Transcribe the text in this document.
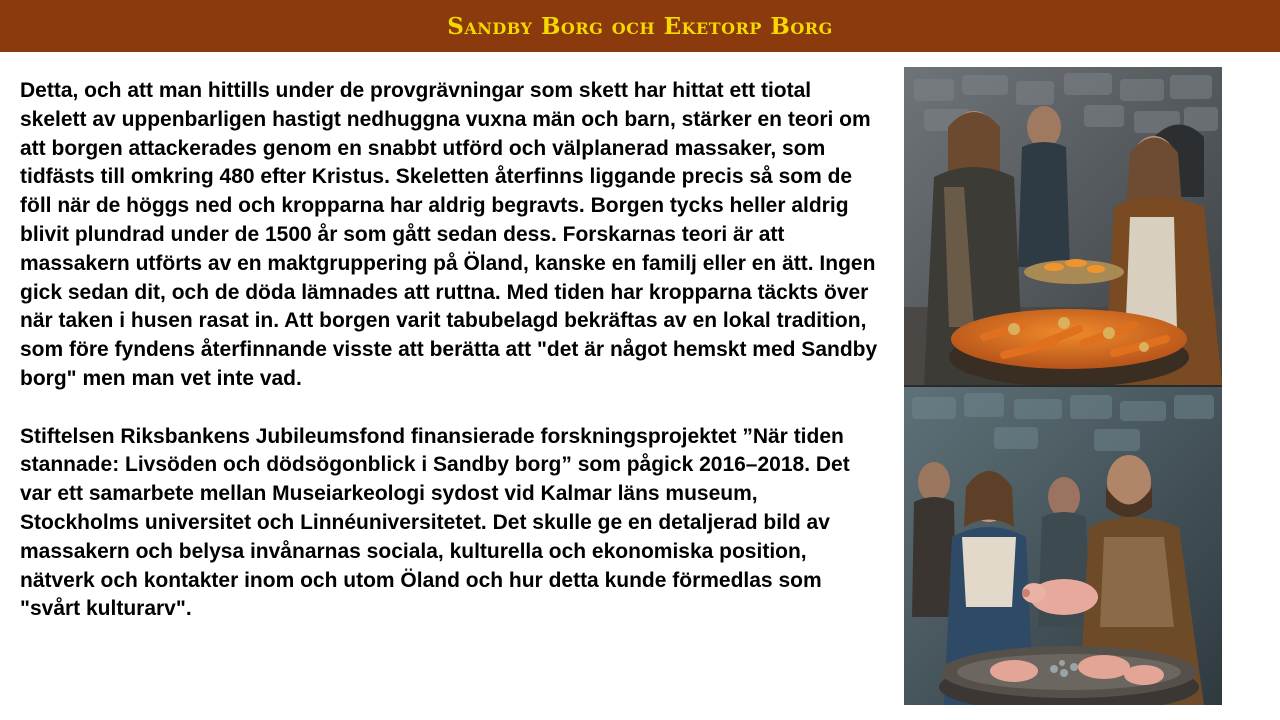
Sandby Borg och Eketorp Borg

Detta, och att man hittills under de provgrävningar som skett har hittat ett tiotal skelett av uppenbarligen hastigt nedhuggna vuxna män och barn, stärker en teori om att borgen attackerades genom en snabbt utförd och välplanerad massaker, som tidfästs till omkring 480 efter Kristus. Skeletten återfinns liggande precis så som de föll när de höggs ned och kropparna har aldrig begravts. Borgen tycks heller aldrig blivit plundrad under de 1500 år som gått sedan dess. Forskarnas teori är att massakern utförts av en maktgruppering på Öland, kanske en familj eller en ätt. Ingen gick sedan dit, och de döda lämnades att ruttna. Med tiden har kropparna täckts över när taken i husen rasat in. Att borgen varit tabubelagd bekräftas av en lokal tradition, som före fyndens återfinnande visste att berätta att "det är något hemskt med Sandby borg" men man vet inte vad.

Stiftelsen Riksbankens Jubileumsfond finansierade forskningsprojektet ”När tiden stannade: Livsöden och dödsögonblick i Sandby borg” som pågick 2016–2018. Det var ett samarbete mellan Museiarkeologi sydost vid Kalmar läns museum, Stockholms universitet och Linnéuniversitetet. Det skulle ge en detaljerad bild av massakern och belysa invånarnas sociala, kulturella och ekonomiska position, nätverk och kontakter inom och utom Öland och hur detta kunde förmedlas som "svårt kulturarv".
